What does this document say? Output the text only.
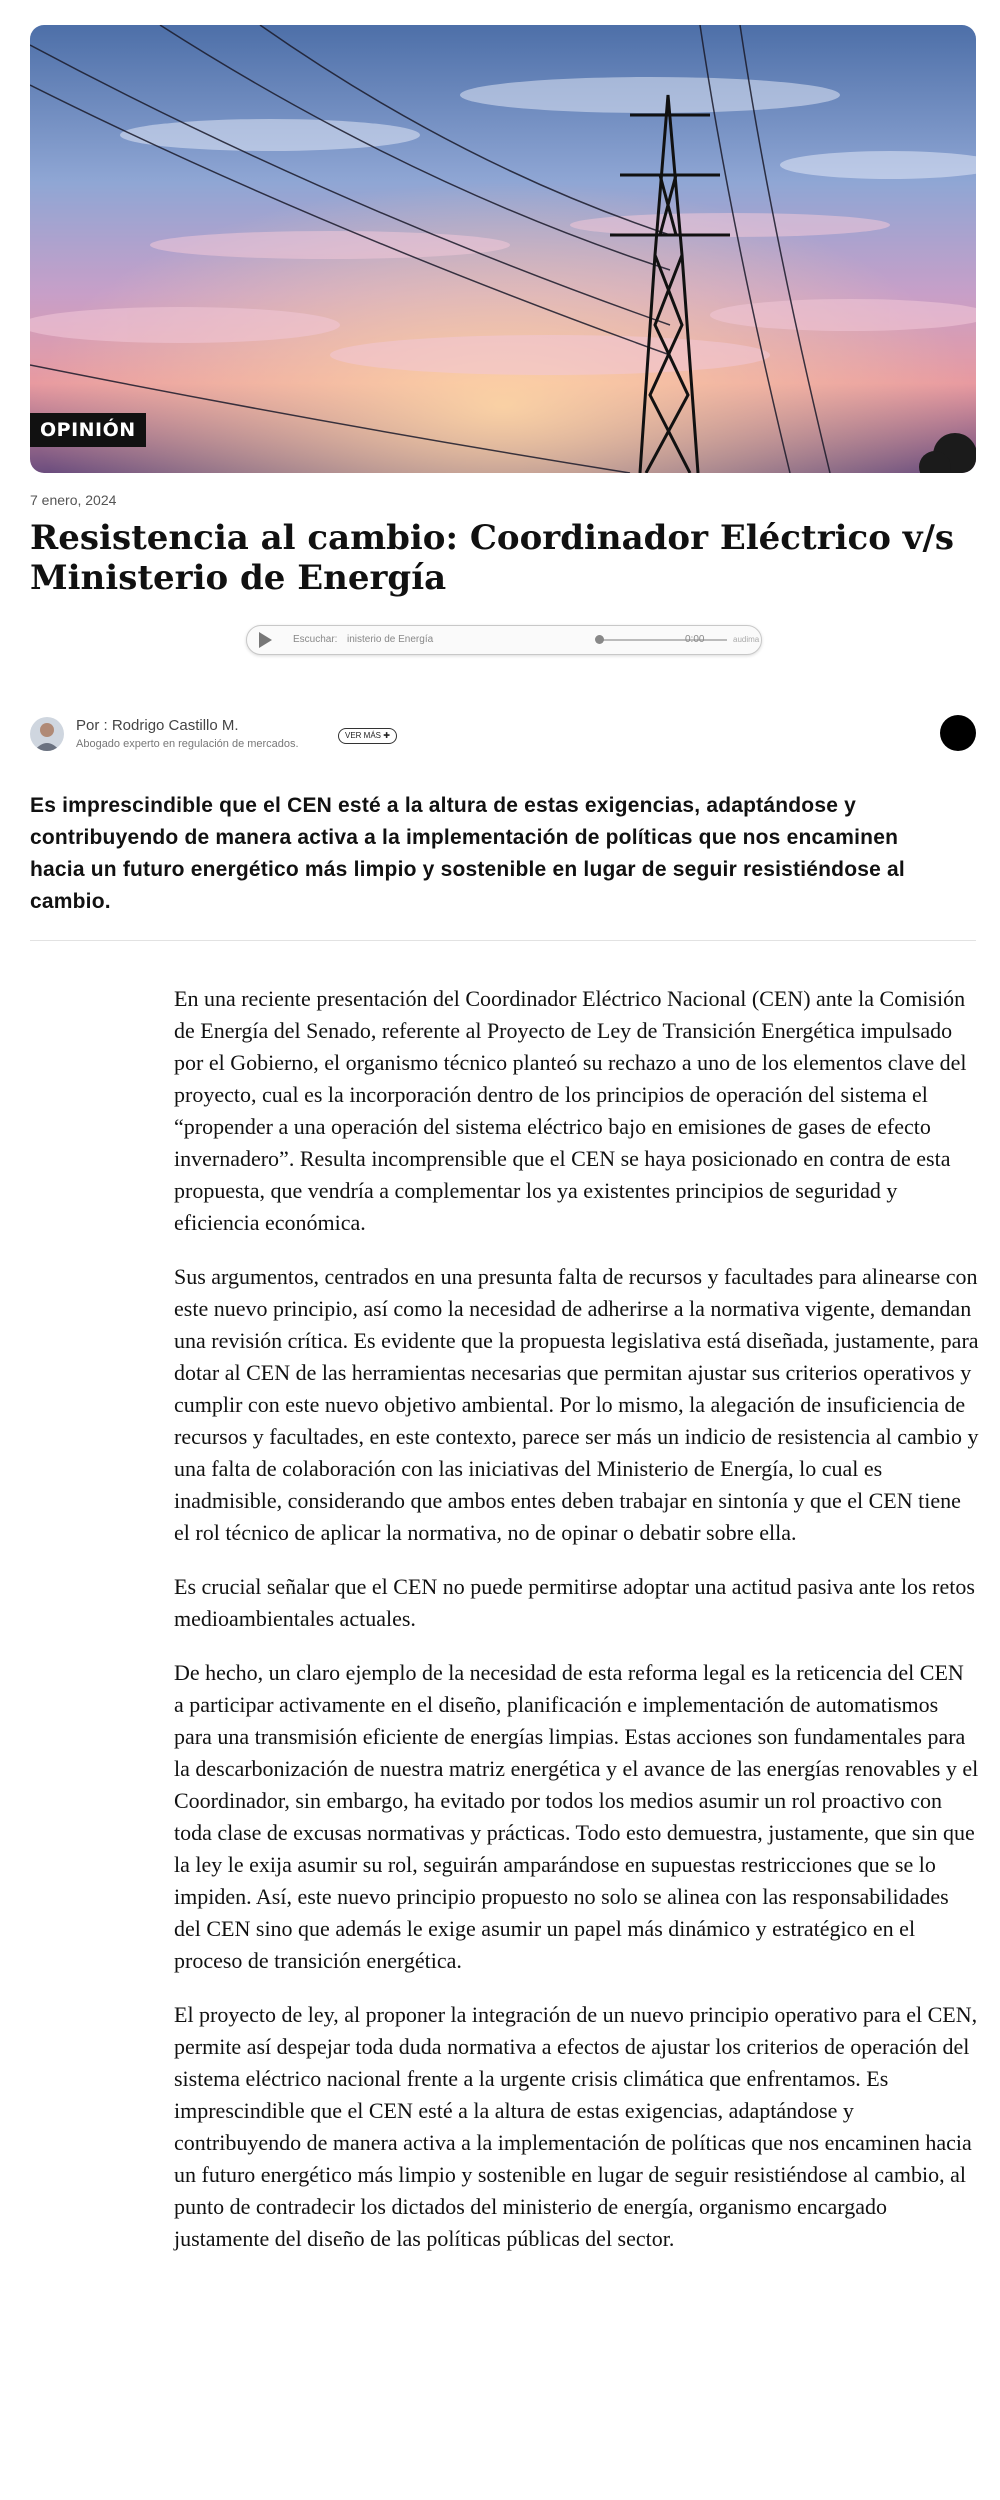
OPINIÓN
7 enero, 2024
Resistencia al cambio: Coordinador Eléctrico v/s Ministerio de Energía
Escuchar: inisterio de Energía	0:00	audima
Por : Rodrigo Castillo M.
Abogado experto en regulación de mercados.
VER MÁS ✚

Es imprescindible que el CEN esté a la altura de estas exigencias, adaptándose y contribuyendo de manera activa a la implementación de políticas que nos encaminen hacia un futuro energético más limpio y sostenible en lugar de seguir resistiéndose al cambio.

En una reciente presentación del Coordinador Eléctrico Nacional (CEN) ante la Comisión de Energía del Senado, referente al Proyecto de Ley de Transición Energética impulsado por el Gobierno, el organismo técnico planteó su rechazo a uno de los elementos clave del proyecto, cual es la incorporación dentro de los principios de operación del sistema el “propender a una operación del sistema eléctrico bajo en emisiones de gases de efecto invernadero”. Resulta incomprensible que el CEN se haya posicionado en contra de esta propuesta, que vendría a complementar los ya existentes principios de seguridad y eficiencia económica.

Sus argumentos, centrados en una presunta falta de recursos y facultades para alinearse con este nuevo principio, así como la necesidad de adherirse a la normativa vigente, demandan una revisión crítica. Es evidente que la propuesta legislativa está diseñada, justamente, para dotar al CEN de las herramientas necesarias que permitan ajustar sus criterios operativos y cumplir con este nuevo objetivo ambiental. Por lo mismo, la alegación de insuficiencia de recursos y facultades, en este contexto, parece ser más un indicio de resistencia al cambio y una falta de colaboración con las iniciativas del Ministerio de Energía, lo cual es inadmisible, considerando que ambos entes deben trabajar en sintonía y que el CEN tiene el rol técnico de aplicar la normativa, no de opinar o debatir sobre ella.

Es crucial señalar que el CEN no puede permitirse adoptar una actitud pasiva ante los retos medioambientales actuales.

De hecho, un claro ejemplo de la necesidad de esta reforma legal es la reticencia del CEN a participar activamente en el diseño, planificación e implementación de automatismos para una transmisión eficiente de energías limpias. Estas acciones son fundamentales para la descarbonización de nuestra matriz energética y el avance de las energías renovables y el Coordinador, sin embargo, ha evitado por todos los medios asumir un rol proactivo con toda clase de excusas normativas y prácticas. Todo esto demuestra, justamente, que sin que la ley le exija asumir su rol, seguirán amparándose en supuestas restricciones que se lo impiden. Así, este nuevo principio propuesto no solo se alinea con las responsabilidades del CEN sino que además le exige asumir un papel más dinámico y estratégico en el proceso de transición energética.

El proyecto de ley, al proponer la integración de un nuevo principio operativo para el CEN, permite así despejar toda duda normativa a efectos de ajustar los criterios de operación del sistema eléctrico nacional frente a la urgente crisis climática que enfrentamos. Es imprescindible que el CEN esté a la altura de estas exigencias, adaptándose y contribuyendo de manera activa a la implementación de políticas que nos encaminen hacia un futuro energético más limpio y sostenible en lugar de seguir resistiéndose al cambio, al punto de contradecir los dictados del ministerio de energía, organismo encargado justamente del diseño de las políticas públicas del sector.
